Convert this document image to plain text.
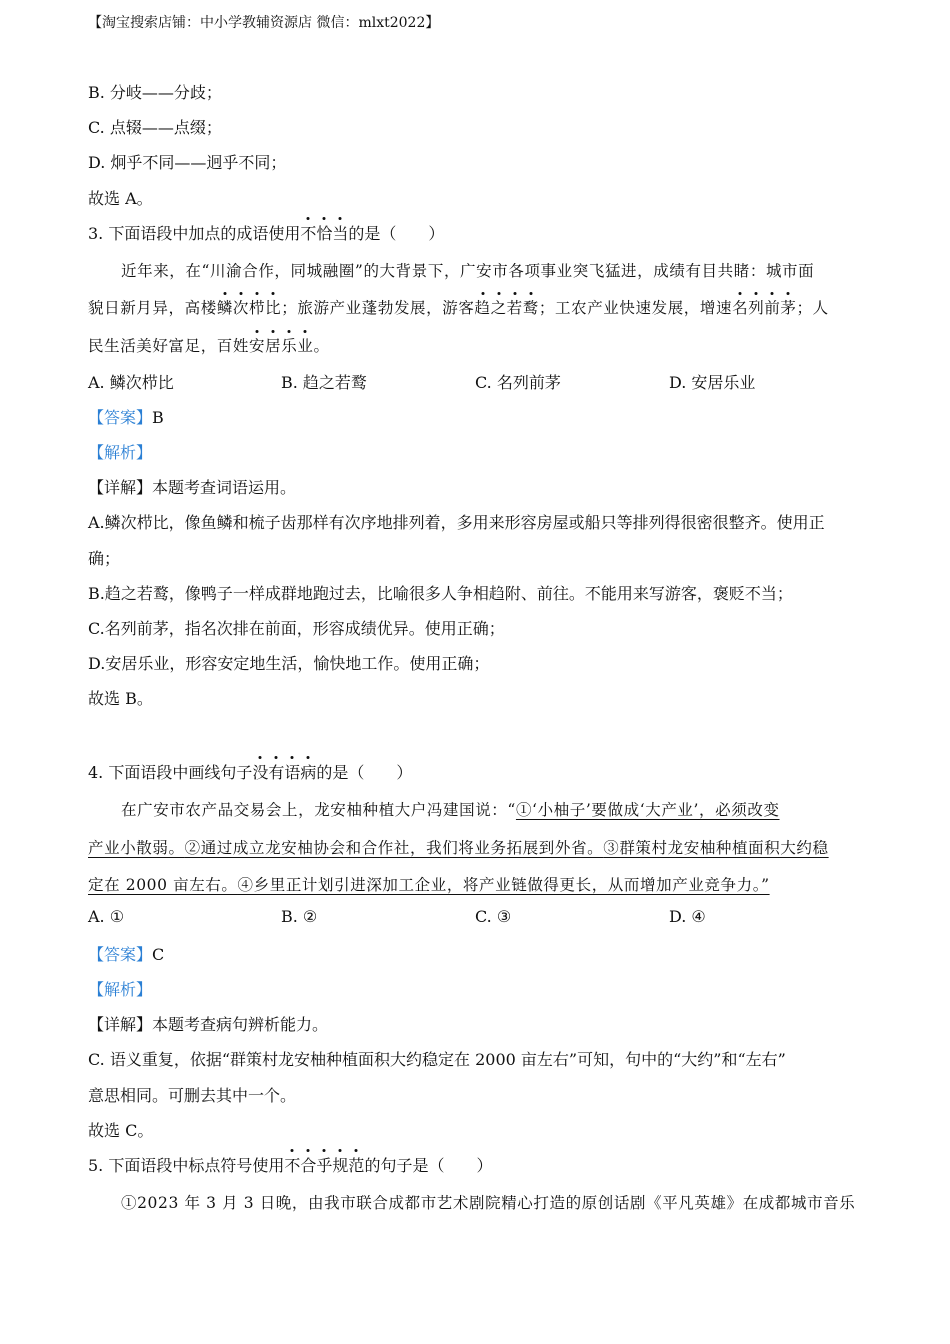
【淘宝搜索店铺：中小学教辅资源店 微信：mlxt2022】
B. 分岐——分歧；
C. 点辍——点缀；
D. 炯乎不同——迥乎不同；
故选 A。
3. 下面语段中加点的成语使用不恰当的是（　　）
近年来，在“川渝合作，同城融圈”的大背景下，广安市各项事业突飞猛进，成绩有目共睹：城市面
貌日新月异，高楼鳞次栉比；旅游产业蓬勃发展，游客趋之若鹜；工农产业快速发展，增速名列前茅；人
民生活美好富足，百姓安居乐业。
A. 鳞次栉比	B. 趋之若鹜	C. 名列前茅	D. 安居乐业
【答案】B
【解析】
【详解】本题考查词语运用。
A.鳞次栉比，像鱼鳞和梳子齿那样有次序地排列着，多用来形容房屋或船只等排列得很密很整齐。使用正
确；
B.趋之若鹜，像鸭子一样成群地跑过去，比喻很多人争相趋附、前往。不能用来写游客，褒贬不当；
C.名列前茅，指名次排在前面，形容成绩优异。使用正确；
D.安居乐业，形容安定地生活，愉快地工作。使用正确；
故选 B。
4. 下面语段中画线句子没有语病的是（　　）
在广安市农产品交易会上，龙安柚种植大户冯建国说：“①‘小柚子’要做成‘大产业’，必须改变
产业小散弱。②通过成立龙安柚协会和合作社，我们将业务拓展到外省。③群策村龙安柚种植面积大约稳
定在 2000 亩左右。④乡里正计划引进深加工企业，将产业链做得更长，从而增加产业竞争力。”
A. ①	B. ②	C. ③	D. ④
【答案】C
【解析】
【详解】本题考查病句辨析能力。
C. 语义重复，依据“群策村龙安柚种植面积大约稳定在 2000 亩左右”可知，句中的“大约”和“左右”
意思相同。可删去其中一个。
故选 C。
5. 下面语段中标点符号使用不合乎规范的句子是（　　）
①2023 年 3 月 3 日晚，由我市联合成都市艺术剧院精心打造的原创话剧《平凡英雄》在成都城市音乐
